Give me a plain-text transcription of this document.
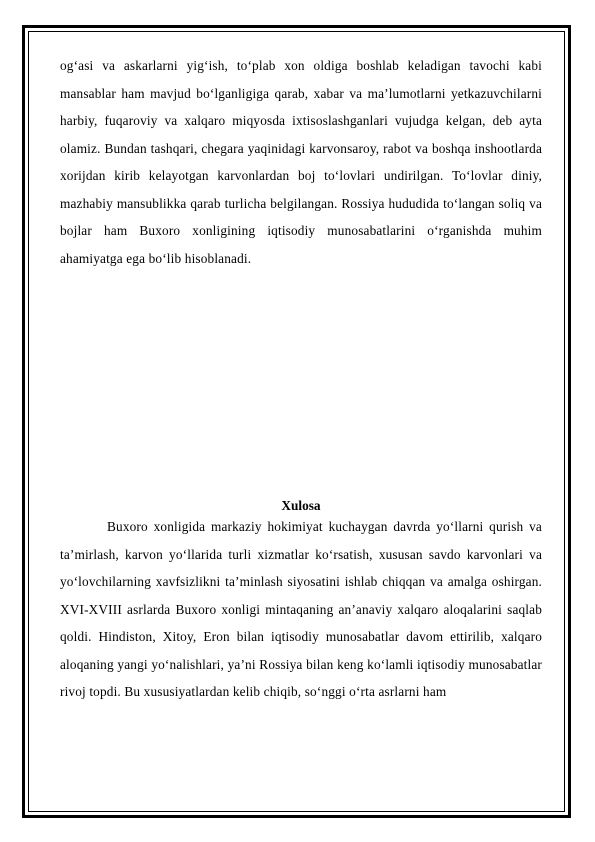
og‘asi va askarlarni yig‘ish, to‘plab xon oldiga boshlab keladigan tavochi kabi mansablar ham mavjud bo‘lganligiga qarab, xabar va ma’lumotlarni yetkazuvchilarni harbiy, fuqaroviy va xalqaro miqyosda ixtisoslashganlari vujudga kelgan, deb ayta olamiz. Bundan tashqari, chegara yaqinidagi karvonsaroy, rabot va boshqa inshootlarda xorijdan kirib kelayotgan karvonlardan boj to‘lovlari undirilgan. To‘lovlar diniy, mazhabiy mansublikka qarab turlicha belgilangan. Rossiya hududida to‘langan soliq va bojlar ham Buxoro xonligining iqtisodiy munosabatlarini o‘rganishda muhim ahamiyatga ega bo‘lib hisoblanadi.

Xulosa

Buxoro xonligida markaziy hokimiyat kuchaygan davrda yo‘llarni qurish va ta’mirlash, karvon yo‘llarida turli xizmatlar ko‘rsatish, xususan savdo karvonlari va yo‘lovchilarning xavfsizlikni ta’minlash siyosatini ishlab chiqqan va amalga oshirgan. XVI-XVIII asrlarda Buxoro xonligi mintaqaning an’anaviy xalqaro aloqalarini saqlab qoldi. Hindiston, Xitoy, Eron bilan iqtisodiy munosabatlar davom ettirilib, xalqaro aloqaning yangi yo‘nalishlari, ya’ni Rossiya bilan keng ko‘lamli iqtisodiy munosabatlar rivoj topdi. Bu xususiyatlardan kelib chiqib, so‘nggi o‘rta asrlarni ham
